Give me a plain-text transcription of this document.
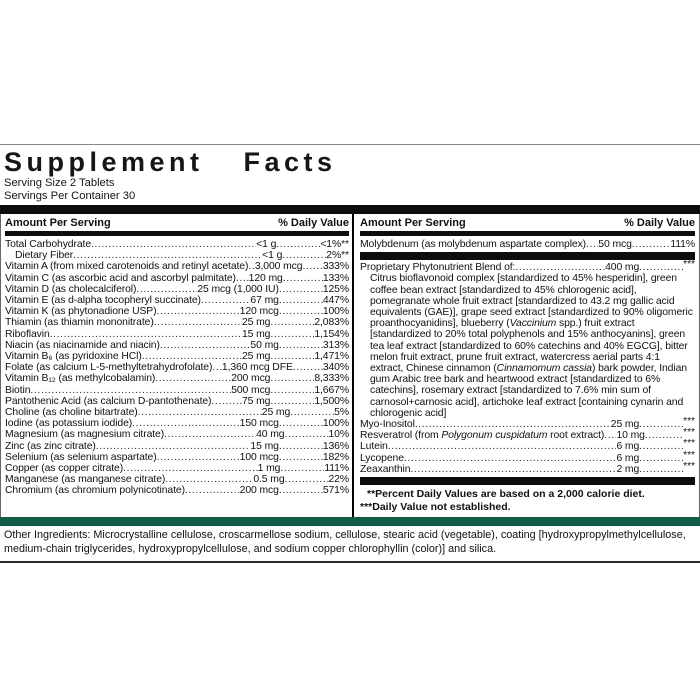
Supplement Facts
Serving Size 2 Tablets
Servings Per Container 30
Amount Per Serving	% Daily Value
Total Carbohydrate .....	<1 g .....	<1%**
Dietary Fiber .....	<1 g .....	2%**
Vitamin A (from mixed carotenoids and retinyl acetate) ..... 3,000 mcg ..... 333%
Vitamin C (as ascorbic acid and ascorbyl palmitate) ..... 120 mg .....	133%
Vitamin D (as cholecalciferol) .....	25 mcg (1,000 IU) .....	125%
Vitamin E (as d-alpha tocopheryl succinate) .....	67 mg .....	447%
Vitamin K (as phytonadione USP) .....	120 mcg .....	100%
Thiamin (as thiamin mononitrate) .....	25 mg .....	2,083%
Riboflavin .....	15 mg .....	1,154%
Niacin (as niacinamide and niacin) .....	50 mg .....	313%
Vitamin B₆ (as pyridoxine HCl) .....	25 mg .....	1,471%
Folate (as calcium L-5-methyltetrahydrofolate) ..... 1,360 mcg DFE .....	340%
Vitamin B₁₂ (as methylcobalamin) .....	200 mcg .....	8,333%
Biotin .....	500 mcg .....	1,667%
Pantothenic Acid (as calcium D-pantothenate) .....	75 mg .....	1,500%
Choline (as choline bitartrate) .....	25 mg .....	5%
Iodine (as potassium iodide) .....	150 mcg .....	100%
Magnesium (as magnesium citrate) .....	40 mg .....	10%
Zinc (as zinc citrate) .....	15 mg .....	136%
Selenium (as selenium aspartate) .....	100 mcg .....	182%
Copper (as copper citrate) .....	1 mg .....	111%
Manganese (as manganese citrate) .....	0.5 mg .....	22%
Chromium (as chromium polynicotinate) .....	200 mcg .....	571%
Amount Per Serving	% Daily Value
Molybdenum (as molybdenum aspartate complex) ..... 50 mcg .....	111%
Proprietary Phytonutrient Blend of: .....	400 mg .....	***
Citrus bioflavonoid complex [standardized to 45% hesperidin], green coffee bean extract [standardized to 45% chlorogenic acid], pomegranate whole fruit extract [standardized to 43.2 mg gallic acid equivalents (GAE)], grape seed extract [standardized to 90% oligomeric proanthocyanidins], blueberry (Vaccinium spp.) fruit extract [standardized to 20% total polyphenols and 15% anthocyanins], green tea leaf extract [standardized to 60% catechins and 40% EGCG], bitter melon fruit extract, prune fruit extract, watercress aerial parts 4:1 extract, Chinese cinnamon (Cinnamomum cassia) bark powder, Indian gum Arabic tree bark and heartwood extract [standardized to 6% catechins], rosemary extract [standardized to 7.6% min sum of carnosol+carnosic acid], artichoke leaf extract [containing cynarin and chlorogenic acid]
Myo-Inositol .....	25 mg .....	***
Resveratrol (from Polygonum cuspidatum root extract) ..... 10 mg .....	***
Lutein .....	6 mg .....	***
Lycopene .....	6 mg .....	***
Zeaxanthin .....	2 mg .....	***
**Percent Daily Values are based on a 2,000 calorie diet.
***Daily Value not established.
Other Ingredients: Microcrystalline cellulose, croscarmellose sodium, cellulose, stearic acid (vegetable), coating [hydroxypropylmethylcellulose, medium-chain triglycerides, hydroxypropylcellulose, and sodium copper chlorophyllin (color)] and silica.
